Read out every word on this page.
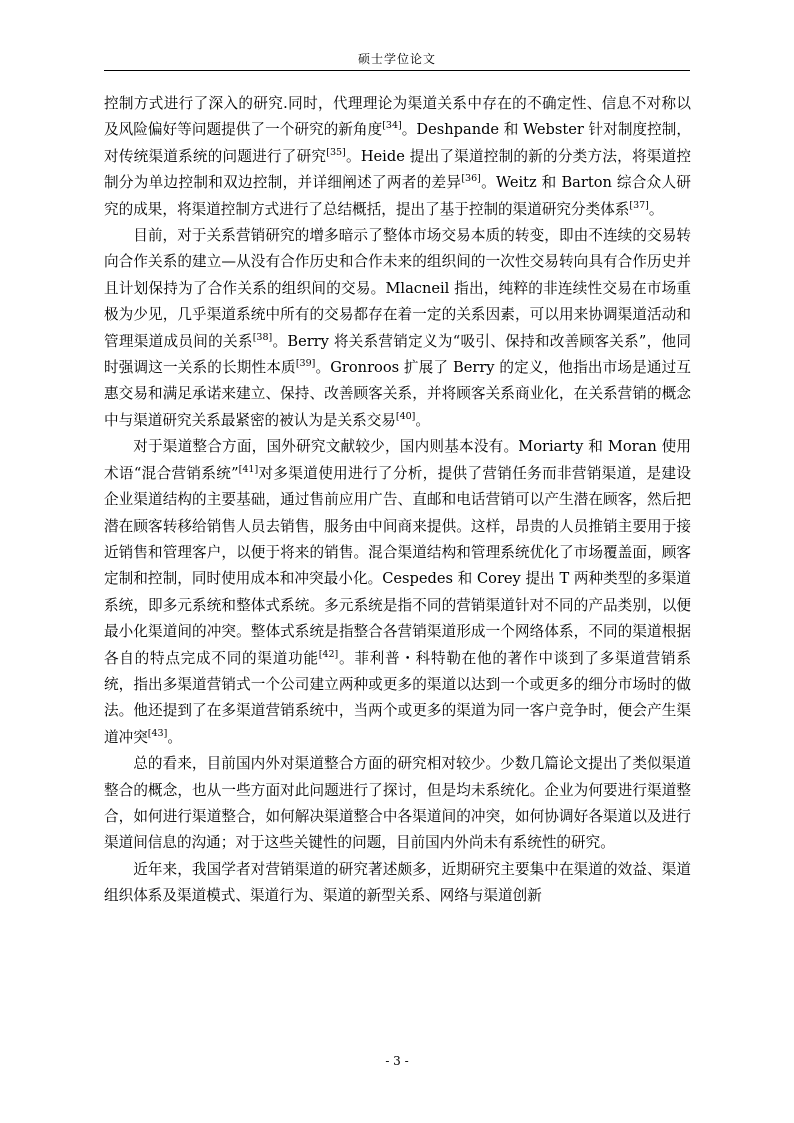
硕士学位论文

控制方式进行了深入的研究.同时，代理理论为渠道关系中存在的不确定性、信息不对称以及风险偏好等问题提供了一个研究的新角度[34]。Deshpande 和 Webster 针对制度控制，对传统渠道系统的问题进行了研究[35]。Heide 提出了渠道控制的新的分类方法，将渠道控制分为单边控制和双边控制，并详细阐述了两者的差异[36]。Weitz 和 Barton 综合众人研究的成果，将渠道控制方式进行了总结概括，提出了基于控制的渠道研究分类体系[37]。

目前，对于关系营销研究的增多暗示了整体市场交易本质的转变，即由不连续的交易转向合作关系的建立—从没有合作历史和合作未来的组织间的一次性交易转向具有合作历史并且计划保持为了合作关系的组织间的交易。Mlacneil 指出，纯粹的非连续性交易在市场重极为少见，几乎渠道系统中所有的交易都存在着一定的关系因素，可以用来协调渠道活动和管理渠道成员间的关系[38]。Berry 将关系营销定义为“吸引、保持和改善顾客关系”，他同时强调这一关系的长期性本质[39]。Gronroos 扩展了 Berry 的定义，他指出市场是通过互惠交易和满足承诺来建立、保持、改善顾客关系，并将顾客关系商业化，在关系营销的概念中与渠道研究关系最紧密的被认为是关系交易[40]。

对于渠道整合方面，国外研究文献较少，国内则基本没有。Moriarty 和 Moran 使用术语“混合营销系统”[41]对多渠道使用进行了分析，提供了营销任务而非营销渠道，是建设企业渠道结构的主要基础，通过售前应用广告、直邮和电话营销可以产生潜在顾客，然后把潜在顾客转移给销售人员去销售，服务由中间商来提供。这样，昂贵的人员推销主要用于接近销售和管理客户，以便于将来的销售。混合渠道结构和管理系统优化了市场覆盖面，顾客定制和控制，同时使用成本和冲突最小化。Cespedes 和 Corey 提出 T 两种类型的多渠道系统，即多元系统和整体式系统。多元系统是指不同的营销渠道针对不同的产品类别，以便最小化渠道间的冲突。整体式系统是指整合各营销渠道形成一个网络体系，不同的渠道根据各自的特点完成不同的渠道功能[42]。菲利普・科特勒在他的著作中谈到了多渠道营销系统，指出多渠道营销式一个公司建立两种或更多的渠道以达到一个或更多的细分市场时的做法。他还提到了在多渠道营销系统中，当两个或更多的渠道为同一客户竞争时，便会产生渠道冲突[43]。

总的看来，目前国内外对渠道整合方面的研究相对较少。少数几篇论文提出了类似渠道整合的概念，也从一些方面对此问题进行了探讨，但是均未系统化。企业为何要进行渠道整合，如何进行渠道整合，如何解决渠道整合中各渠道间的冲突，如何协调好各渠道以及进行渠道间信息的沟通；对于这些关键性的问题，目前国内外尚未有系统性的研究。

近年来，我国学者对营销渠道的研究著述颇多，近期研究主要集中在渠道的效益、渠道组织体系及渠道模式、渠道行为、渠道的新型关系、网络与渠道创新

- 3 -
